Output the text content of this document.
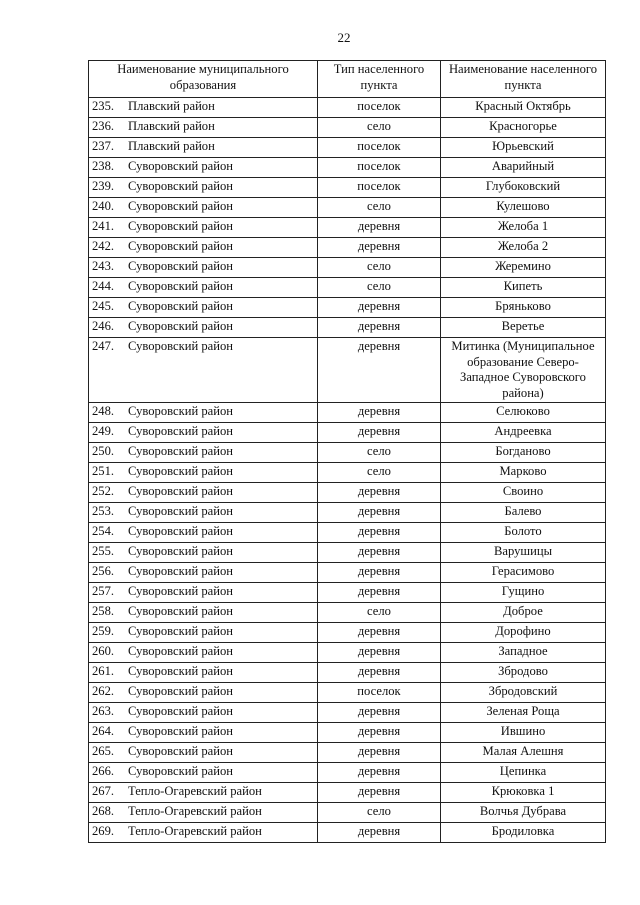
22
Наименование муниципального образования	Тип населенного пункта	Наименование населенного пункта
235. Плавский район	поселок	Красный Октябрь
236. Плавский район	село	Красногорье
237. Плавский район	поселок	Юрьевский
238. Суворовский район	поселок	Аварийный
239. Суворовский район	поселок	Глубоковский
240. Суворовский район	село	Кулешово
241. Суворовский район	деревня	Желоба 1
242. Суворовский район	деревня	Желоба 2
243. Суворовский район	село	Жеремино
244. Суворовский район	село	Кипеть
245. Суворовский район	деревня	Бряньково
246. Суворовский район	деревня	Веретье
247. Суворовский район	деревня	Митинка (Муниципальное образование Северо-Западное Суворовского района)
248. Суворовский район	деревня	Селюково
249. Суворовский район	деревня	Андреевка
250. Суворовский район	село	Богданово
251. Суворовский район	село	Марково
252. Суворовский район	деревня	Своино
253. Суворовский район	деревня	Балево
254. Суворовский район	деревня	Болото
255. Суворовский район	деревня	Варушицы
256. Суворовский район	деревня	Герасимово
257. Суворовский район	деревня	Гущино
258. Суворовский район	село	Доброе
259. Суворовский район	деревня	Дорофино
260. Суворовский район	деревня	Западное
261. Суворовский район	деревня	Збродово
262. Суворовский район	поселок	Збродовский
263. Суворовский район	деревня	Зеленая Роща
264. Суворовский район	деревня	Ившино
265. Суворовский район	деревня	Малая Алешня
266. Суворовский район	деревня	Цепинка
267. Тепло-Огаревский район	деревня	Крюковка 1
268. Тепло-Огаревский район	село	Волчья Дубрава
269. Тепло-Огаревский район	деревня	Бродиловка
